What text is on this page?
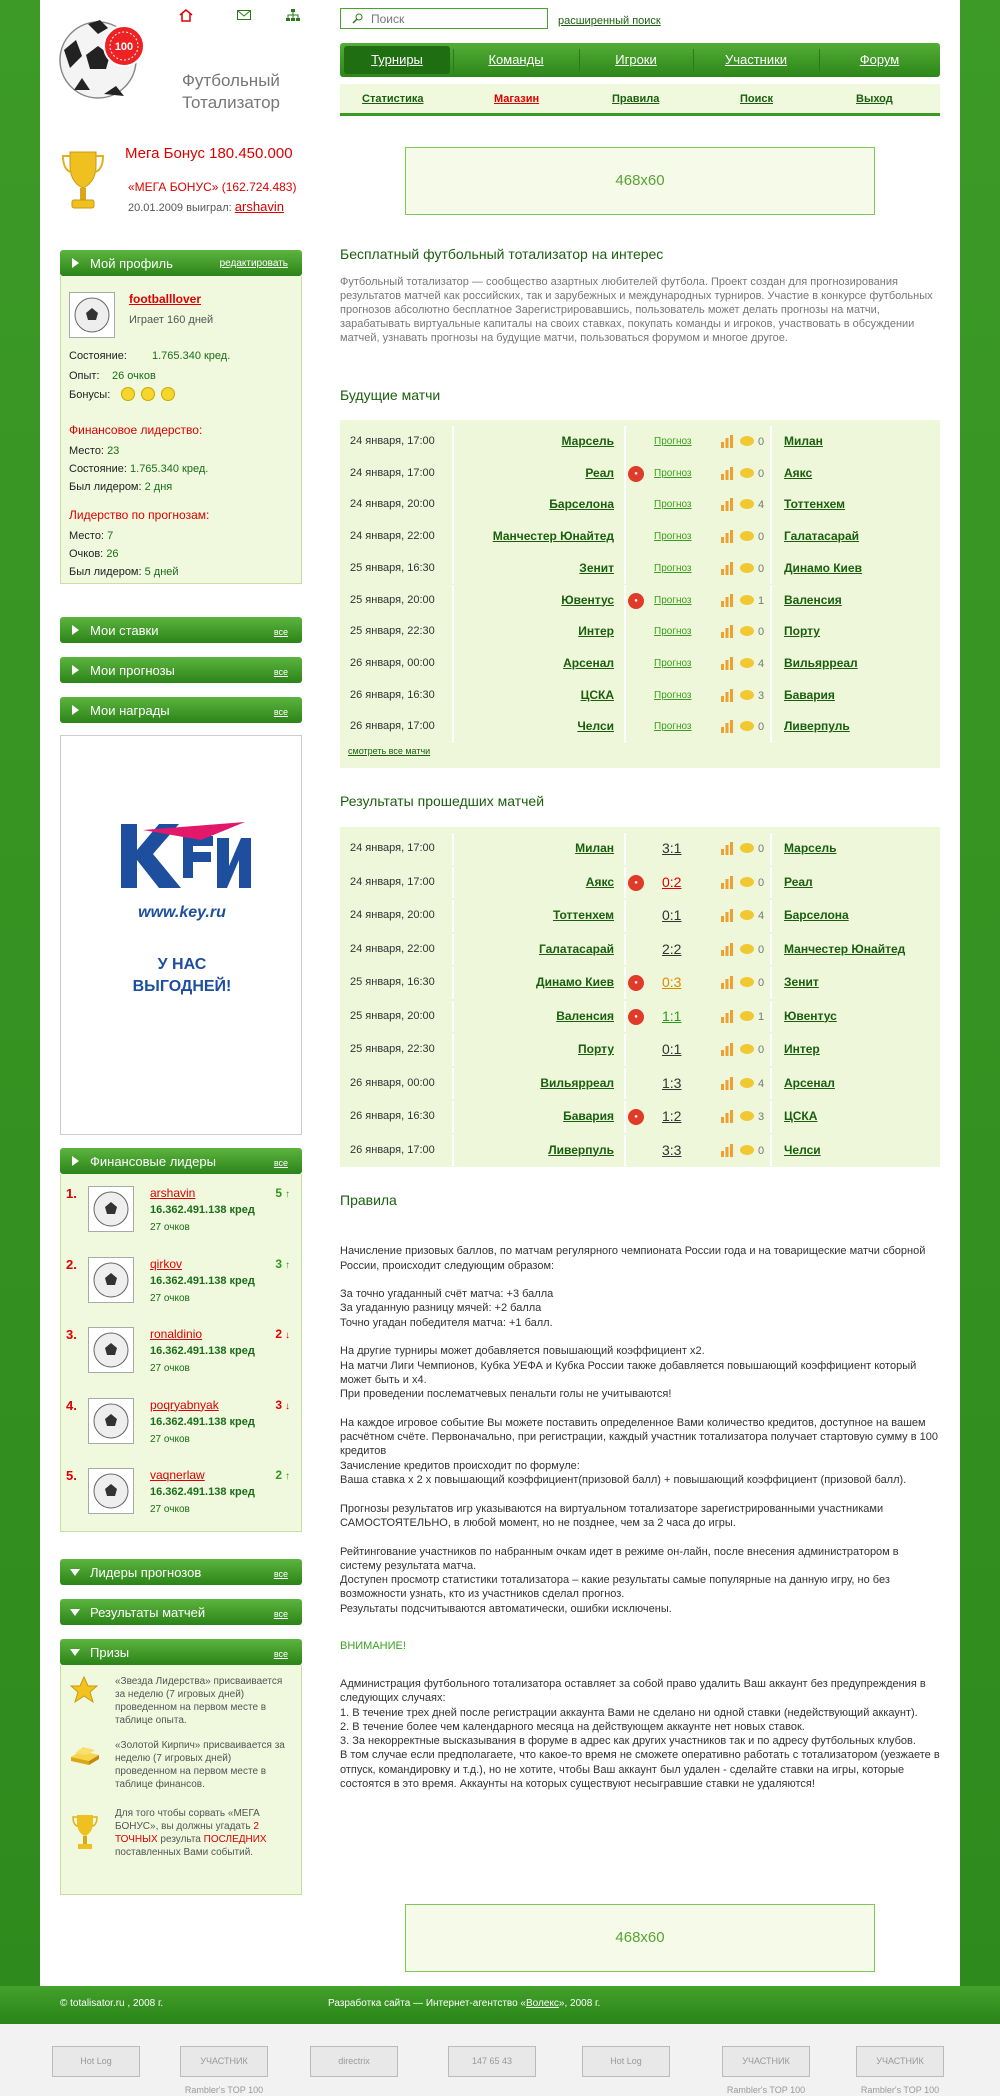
100
Футбольный
Тотализатор
Мега Бонус 180.450.000
«МЕГА БОНУС» (162.724.483)
20.01.2009 выиграл: arshavin
Мой профиль	редактировать
footballlover
Играет 160 дней
Состояние: 1.765.340 кред.
Опыт: 26 очков
Бонусы:
Финансовое лидерство:
Место: 23
Состояние: 1.765.340 кред.
Был лидером: 2 дня
Лидерство по прогнозам:
Место: 7
Очков: 26
Был лидером: 5 дней
Мои ставки	все
Мои прогнозы	все
Мои награды	все
www.key.ru
У НАС
ВЫГОДНЕЙ!
Финансовые лидеры	все
1.	arshavin	5 ↑
16.362.491.138 кред
27 очков
2.	qirkov	3 ↑
16.362.491.138 кред
27 очков
3.	ronaldinio	2 ↓
16.362.491.138 кред
27 очков
4.	poqryabnyak	3 ↓
16.362.491.138 кред
27 очков
5.	vaqnerlaw	2 ↑
16.362.491.138 кред
27 очков
Лидеры прогнозов	все
Результаты матчей	все
Призы	все
«Звезда Лидерства» присваивается за неделю (7 игровых дней) проведенном на первом месте в таблице опыта.
«Золотой Кирпич» присваивается за неделю (7 игровых дней) проведенном на первом месте в таблице финансов.
Для того чтобы сорвать «МЕГА БОНУС», вы должны угадать 2 ТОЧНЫХ результа ПОСЛЕДНИХ поставленных Вами событий.
Поиск	расширенный поиск
Турниры	Команды	Игроки	Участники	Форум
Статистика	Магазин	Правила	Поиск	Выход
468x60
Бесплатный футбольный тотализатор на интерес
Футбольный тотализатор — сообщество азартных любителей футбола. Проект создан для прогнозирования результатов матчей как российских, так и зарубежных и международных турниров. Участие в конкурсе футбольных прогнозов абсолютно бесплатное Зарегистрировавшись, пользователь может делать прогнозы на матчи, зарабатывать виртуальные капиталы на своих ставках, покупать команды и игроков, участвовать в обсуждении матчей, узнавать прогнозы на будущие матчи, пользоваться форумом и многое другое.
Будущие матчи
24 января, 17:00	Марсель	Прогноз	0	Милан
24 января, 17:00	Реал	●	Прогноз	0	Аякс
24 января, 20:00	Барселона	Прогноз	4	Тоттенхем
24 января, 22:00	Манчестер Юнайтед	Прогноз	0	Галатасарай
25 января, 16:30	Зенит	Прогноз	0	Динамо Киев
25 января, 20:00	Ювентус	●	Прогноз	1	Валенсия
25 января, 22:30	Интер	Прогноз	0	Порту
26 января, 00:00	Арсенал	Прогноз	4	Вильярреал
26 января, 16:30	ЦСКА	Прогноз	3	Бавария
26 января, 17:00	Челси	Прогноз	0	Ливерпуль
смотреть все матчи
Результаты прошедших матчей
24 января, 17:00	Милан	3:1	0	Марсель
24 января, 17:00	Аякс	●	0:2	0	Реал
24 января, 20:00	Тоттенхем	0:1	4	Барселона
24 января, 22:00	Галатасарай	2:2	0	Манчестер Юнайтед
25 января, 16:30	Динамо Киев	●	0:3	0	Зенит
25 января, 20:00	Валенсия	●	1:1	1	Ювентус
25 января, 22:30	Порту	0:1	0	Интер
26 января, 00:00	Вильярреал	1:3	4	Арсенал
26 января, 16:30	Бавария	●	1:2	3	ЦСКА
26 января, 17:00	Ливерпуль	3:3	0	Челси
Правила

Начисление призовых баллов, по матчам регулярного чемпионата России года и на товарищеские матчи сборной России, происходит следующим образом:

За точно угаданный счёт матча: +3 балла
За угаданную разницу мячей: +2 балла
Точно угадан победителя матча: +1 балл.

На другие турниры может добавляется повышающий коэффициент x2.
На матчи Лиги Чемпионов, Кубка УЕФА и Кубка России также добавляется повышающий коэффициент который может быть и x4.
При проведении послематчевых пенальти голы не учитываются!

На каждое игровое событие Вы можете поставить определенное Вами количество кредитов, доступное на вашем расчётном счёте. Первоначально, при регистрации, каждый участник тотализатора получает стартовую сумму в 100 кредитов
Зачисление кредитов происходит по формуле:
Ваша ставка x 2 x повышающий коэффициент(призовой балл) + повышающий коэффициент (призовой балл).

Прогнозы результатов игр указываются на виртуальном тотализаторе зарегистрированными участниками САМОСТОЯТЕЛЬНО, в любой момент, но не позднее, чем за 2 часа до игры.

Рейтингование участников по набранным очкам идет в режиме он-лайн, после внесения администратором в систему результата матча.
Доступен просмотр статистики тотализатора – какие результаты самые популярные на данную игру, но без возможности узнать, кто из участников сделал прогноз.
Результаты подсчитываются автоматически, ошибки исключены.

ВНИМАНИЕ!

Администрация футбольного тотализатора оставляет за собой право удалить Ваш аккаунт без предупреждения в следующих случаях:
1. В течение трех дней после регистрации аккаунта Вами не сделано ни одной ставки (недействующий аккаунт).
2. В течение более чем календарного месяца на действующем аккаунте нет новых ставок.
3. За некорректные высказывания в форуме в адрес как других участников так и по адресу футбольных клубов.
В том случае если предполагаете, что какое-то время не сможете оперативно работать с тотализатором (уезжаете в отпуск, командировку и т.д.), но не хотите, чтобы Ваш аккаунт был удален - сделайте ставки на игры, которые состоятся в это время. Аккаунты на которых существуют несыгравшие ставки не удаляются!

468x60
© totalisator.ru , 2008 г.	Разработка сайта — Интернет-агентство «Волекс», 2008 г.
Hot Log	УЧАСТНИК Rambler's TOP 100
directrix	147 65 43	Hot Log	УЧАСТНИК Rambler's TOP 100
УЧАСТНИК Rambler's TOP 100
